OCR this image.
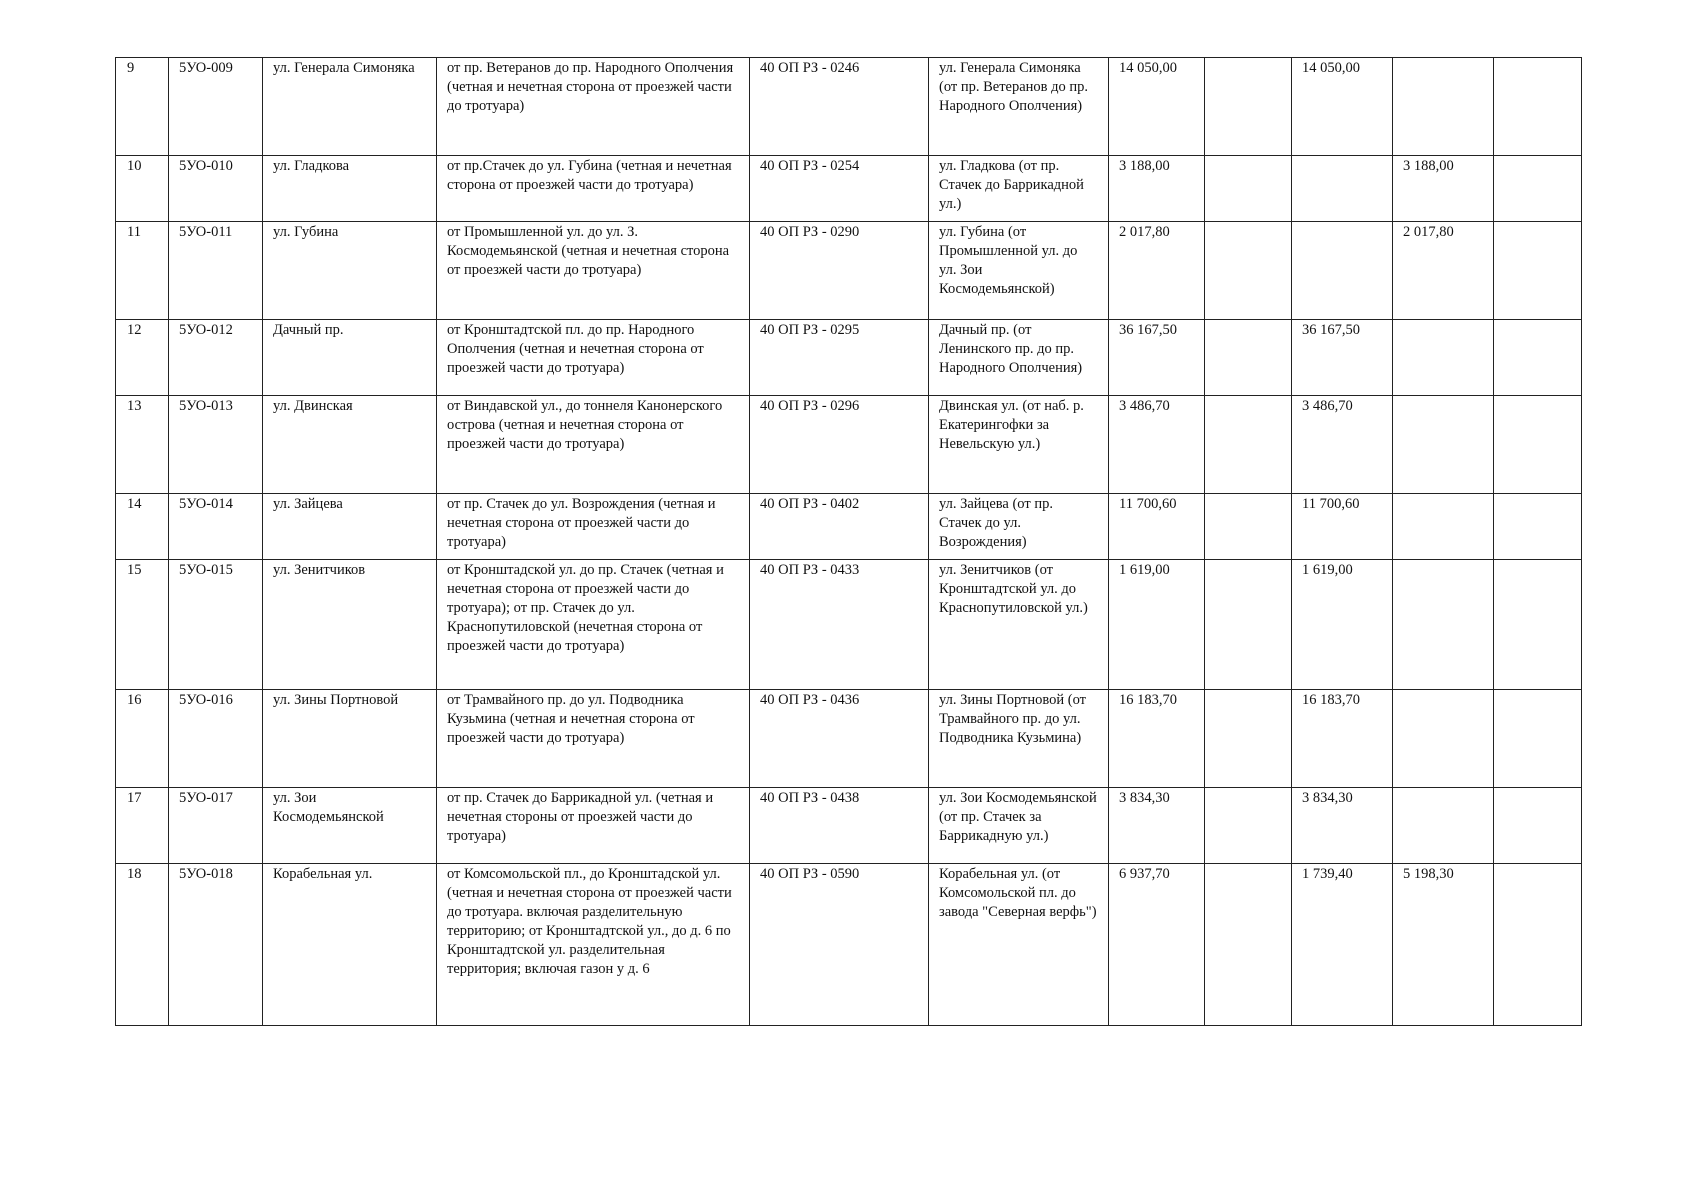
9	5УО-009	ул. Генерала Симоняка	от пр. Ветеранов до пр. Народного Ополчения (четная и нечетная сторона от проезжей части до тротуара)	40 ОП РЗ - 0246	ул. Генерала Симоняка (от пр. Ветеранов до пр. Народного Ополчения)	14 050,00		14 050,00		
10	5УО-010	ул. Гладкова	от пр.Стачек до ул. Губина (четная и нечетная сторона от проезжей части до тротуара)	40 ОП РЗ - 0254	ул. Гладкова (от пр. Стачек до Баррикадной ул.)	3 188,00			3 188,00	
11	5УО-011	ул. Губина	от Промышленной ул. до ул. З. Космодемьянской (четная и нечетная сторона от проезжей части до тротуара)	40 ОП РЗ - 0290	ул. Губина (от Промышленной ул. до ул. Зои Космодемьянской)	2 017,80			2 017,80	
12	5УО-012	Дачный пр.	от Кронштадтской пл. до пр. Народного Ополчения (четная и нечетная сторона от проезжей части до тротуара)	40 ОП РЗ - 0295	Дачный пр. (от Ленинского пр. до пр. Народного Ополчения)	36 167,50		36 167,50		
13	5УО-013	ул. Двинская	от Виндавской ул., до тоннеля Канонерского острова (четная и нечетная сторона от проезжей части до тротуара)	40 ОП РЗ - 0296	Двинская ул. (от наб. р. Екатерингофки за Невельскую ул.)	3 486,70		3 486,70		
14	5УО-014	ул. Зайцева	от пр. Стачек до ул. Возрождения (четная и нечетная сторона от проезжей части до тротуара)	40 ОП РЗ - 0402	ул. Зайцева (от пр. Стачек до ул. Возрождения)	11 700,60		11 700,60		
15	5УО-015	ул. Зенитчиков	от Кронштадской ул. до пр. Стачек (четная и нечетная сторона от проезжей части до тротуара); от пр. Стачек до ул. Краснопутиловской (нечетная сторона от проезжей части до тротуара)	40 ОП РЗ - 0433	ул. Зенитчиков (от Кронштадтской ул. до Краснопутиловской ул.)	1 619,00		1 619,00		
16	5УО-016	ул. Зины Портновой	от Трамвайного пр. до ул. Подводника Кузьмина (четная и нечетная сторона от проезжей части до тротуара)	40 ОП РЗ - 0436	ул. Зины Портновой (от Трамвайного пр. до ул. Подводника Кузьмина)	16 183,70		16 183,70		
17	5УО-017	ул. Зои Космодемьянской	от пр. Стачек до Баррикадной ул. (четная и нечетная стороны от проезжей части до тротуара)	40 ОП РЗ - 0438	ул. Зои Космодемьянской (от пр. Стачек за Баррикадную ул.)	3 834,30		3 834,30		
18	5УО-018	Корабельная ул.	от Комсомольской пл., до Кронштадской ул. (четная и нечетная сторона от проезжей части до тротуара. включая разделительную территорию; от Кронштадтской ул., до д. 6 по Кронштадтской ул. разделительная территория; включая газон у д. 6	40 ОП РЗ - 0590	Корабельная ул. (от Комсомольской пл. до завода "Северная верфь")	6 937,70		1 739,40	5 198,30	
